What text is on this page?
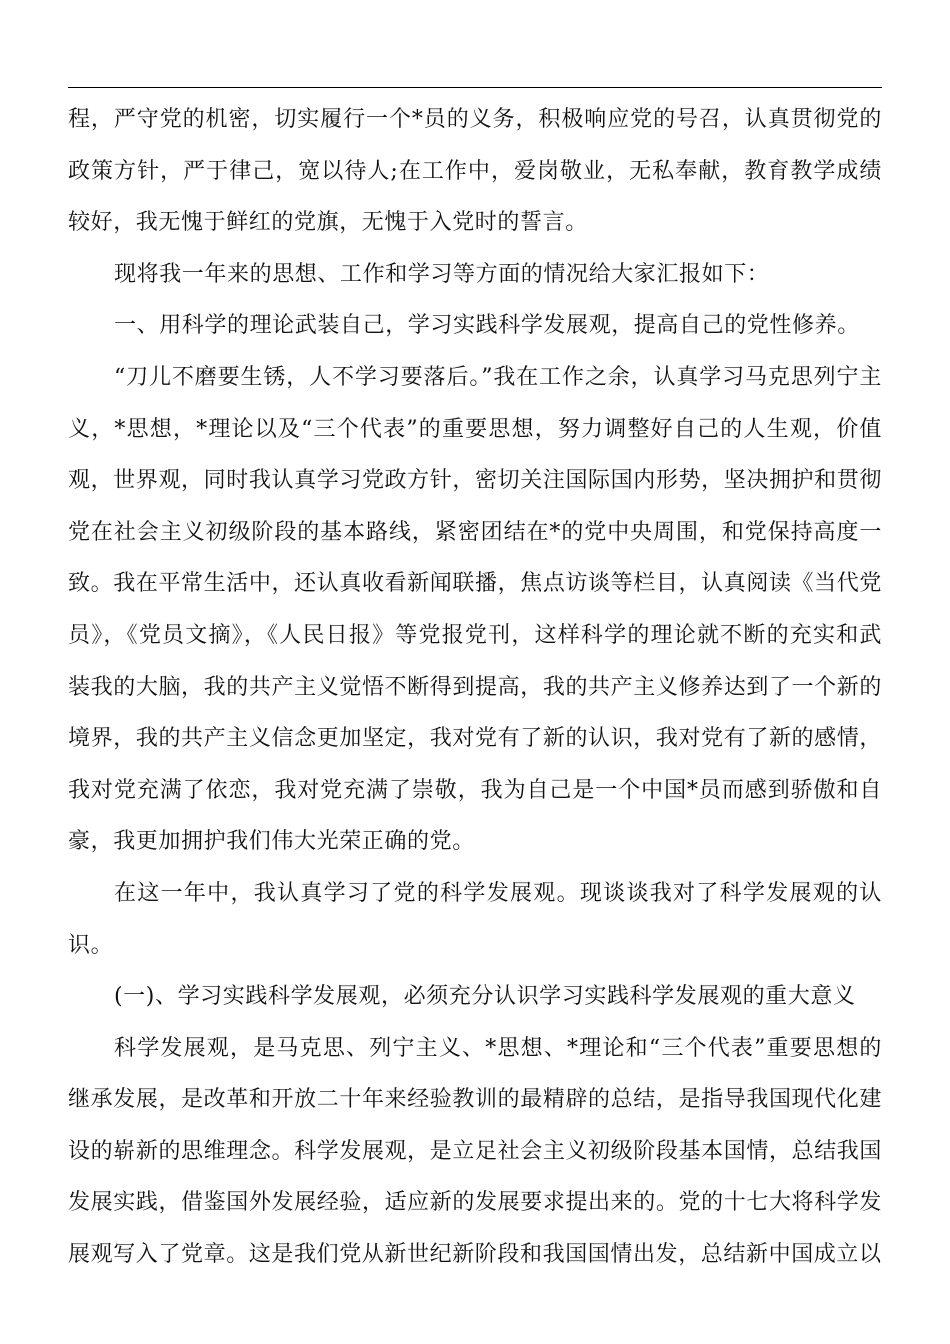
程，严守党的机密，切实履行一个*员的义务，积极响应党的号召，认真贯彻党的政策方针，严于律己，宽以待人;在工作中，爱岗敬业，无私奉献，教育教学成绩较好，我无愧于鲜红的党旗，无愧于入党时的誓言。

现将我一年来的思想、工作和学习等方面的情况给大家汇报如下：

一、用科学的理论武装自己，学习实践科学发展观，提高自己的党性修养。

“刀儿不磨要生锈，人不学习要落后。”我在工作之余，认真学习马克思列宁主义，*思想，*理论以及“三个代表”的重要思想，努力调整好自己的人生观，价值观，世界观，同时我认真学习党政方针，密切关注国际国内形势，坚决拥护和贯彻党在社会主义初级阶段的基本路线，紧密团结在*的党中央周围，和党保持高度一致。我在平常生活中，还认真收看新闻联播，焦点访谈等栏目，认真阅读《当代党员》，《党员文摘》，《人民日报》等党报党刊，这样科学的理论就不断的充实和武装我的大脑，我的共产主义觉悟不断得到提高，我的共产主义修养达到了一个新的境界，我的共产主义信念更加坚定，我对党有了新的认识，我对党有了新的感情，我对党充满了依恋，我对党充满了崇敬，我为自己是一个中国*员而感到骄傲和自豪，我更加拥护我们伟大光荣正确的党。

在这一年中，我认真学习了党的科学发展观。现谈谈我对了科学发展观的认识。

(一)、学习实践科学发展观，必须充分认识学习实践科学发展观的重大意义

科学发展观，是马克思、列宁主义、*思想、*理论和“三个代表”重要思想的继承发展，是改革和开放二十年来经验教训的最精辟的总结，是指导我国现代化建设的崭新的思维理念。科学发展观，是立足社会主义初级阶段基本国情，总结我国发展实践，借鉴国外发展经验，适应新的发展要求提出来的。党的十七大将科学发展观写入了党章。这是我们党从新世纪新阶段和我国国情出发，总结新中国成立以
